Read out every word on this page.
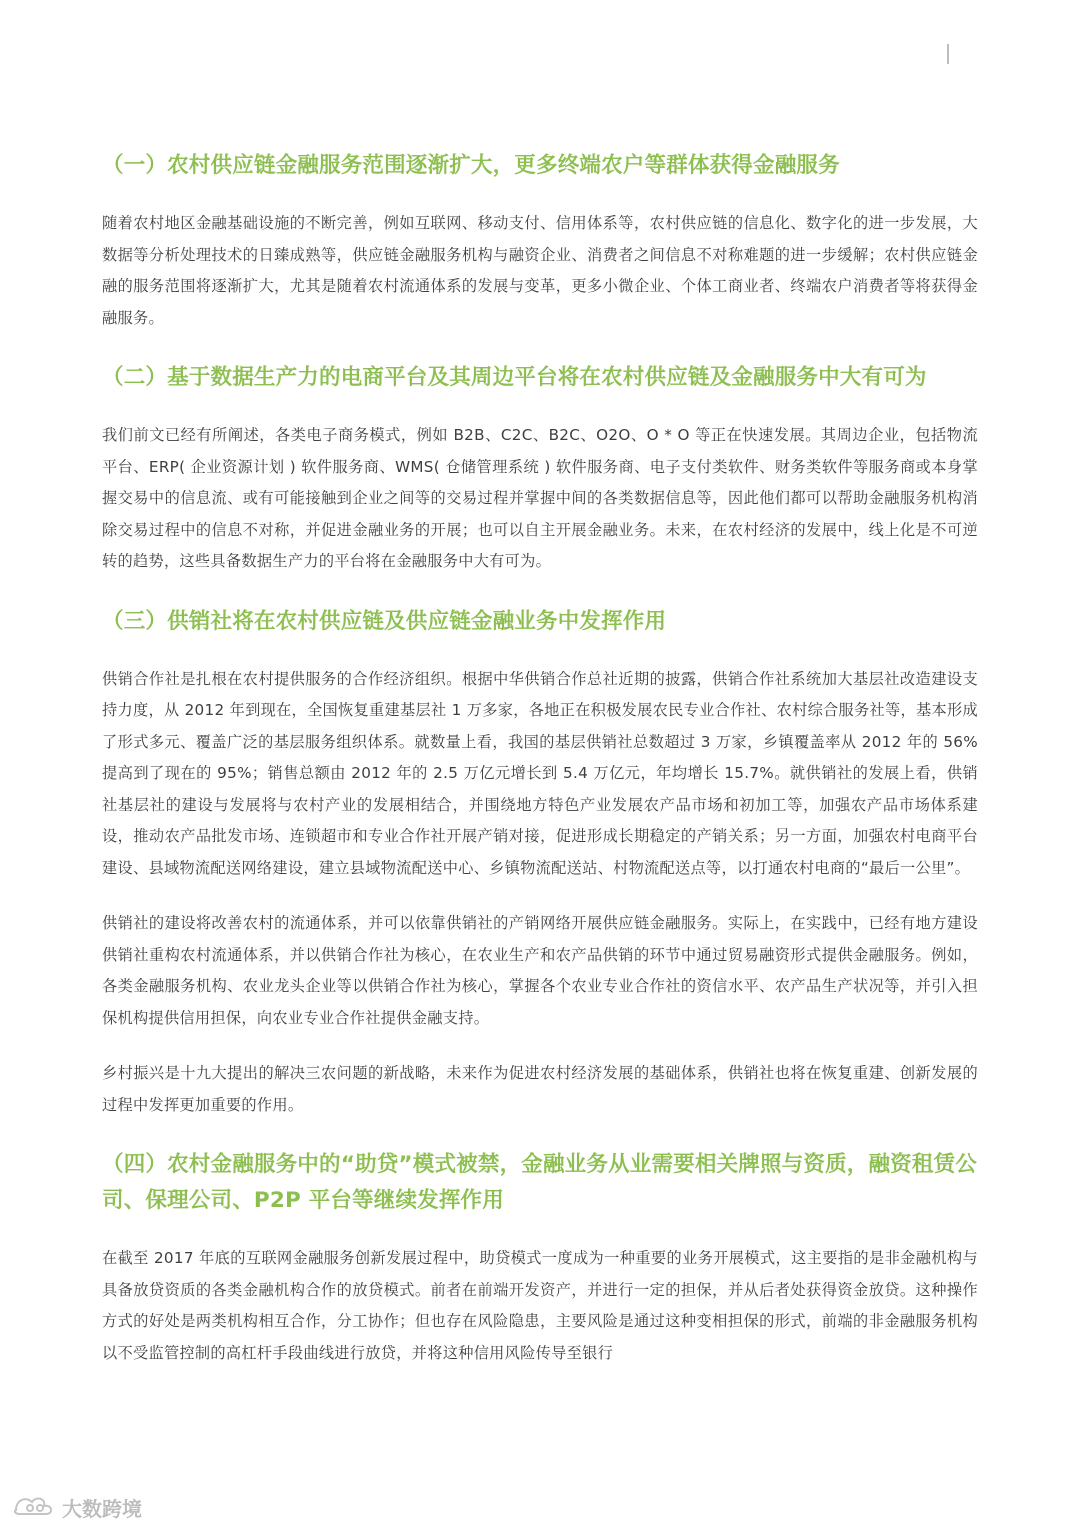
（一）农村供应链金融服务范围逐渐扩大，更多终端农户等群体获得金融服务

随着农村地区金融基础设施的不断完善，例如互联网、移动支付、信用体系等，农村供应链的信息化、数字化的进一步发展，大数据等分析处理技术的日臻成熟等，供应链金融服务机构与融资企业、消费者之间信息不对称难题的进一步缓解；农村供应链金融的服务范围将逐渐扩大，尤其是随着农村流通体系的发展与变革，更多小微企业、个体工商业者、终端农户消费者等将获得金融服务。

（二）基于数据生产力的电商平台及其周边平台将在农村供应链及金融服务中大有可为

我们前文已经有所阐述，各类电子商务模式，例如 B2B、C2C、B2C、O2O、O * O 等正在快速发展。其周边企业，包括物流平台、ERP( 企业资源计划 ) 软件服务商、WMS( 仓储管理系统 ) 软件服务商、电子支付类软件、财务类软件等服务商或本身掌握交易中的信息流、或有可能接触到企业之间等的交易过程并掌握中间的各类数据信息等，因此他们都可以帮助金融服务机构消除交易过程中的信息不对称，并促进金融业务的开展；也可以自主开展金融业务。未来，在农村经济的发展中，线上化是不可逆转的趋势，这些具备数据生产力的平台将在金融服务中大有可为。

（三）供销社将在农村供应链及供应链金融业务中发挥作用

供销合作社是扎根在农村提供服务的合作经济组织。根据中华供销合作总社近期的披露，供销合作社系统加大基层社改造建设支持力度，从 2012 年到现在，全国恢复重建基层社 1 万多家，各地正在积极发展农民专业合作社、农村综合服务社等，基本形成了形式多元、覆盖广泛的基层服务组织体系。就数量上看，我国的基层供销社总数超过 3 万家，乡镇覆盖率从 2012 年的 56% 提高到了现在的 95%；销售总额由 2012 年的 2.5 万亿元增长到 5.4 万亿元，年均增长 15.7%。就供销社的发展上看，供销社基层社的建设与发展将与农村产业的发展相结合，并围绕地方特色产业发展农产品市场和初加工等，加强农产品市场体系建设，推动农产品批发市场、连锁超市和专业合作社开展产销对接，促进形成长期稳定的产销关系；另一方面，加强农村电商平台建设、县域物流配送网络建设，建立县域物流配送中心、乡镇物流配送站、村物流配送点等，以打通农村电商的“最后一公里”。

供销社的建设将改善农村的流通体系，并可以依靠供销社的产销网络开展供应链金融服务。实际上，在实践中，已经有地方建设供销社重构农村流通体系，并以供销合作社为核心，在农业生产和农产品供销的环节中通过贸易融资形式提供金融服务。例如，各类金融服务机构、农业龙头企业等以供销合作社为核心，掌握各个农业专业合作社的资信水平、农产品生产状况等，并引入担保机构提供信用担保，向农业专业合作社提供金融支持。

乡村振兴是十九大提出的解决三农问题的新战略，未来作为促进农村经济发展的基础体系，供销社也将在恢复重建、创新发展的过程中发挥更加重要的作用。

（四）农村金融服务中的“助贷”模式被禁，金融业务从业需要相关牌照与资质，融资租赁公司、保理公司、P2P 平台等继续发挥作用

在截至 2017 年底的互联网金融服务创新发展过程中，助贷模式一度成为一种重要的业务开展模式，这主要指的是非金融机构与具备放贷资质的各类金融机构合作的放贷模式。前者在前端开发资产，并进行一定的担保，并从后者处获得资金放贷。这种操作方式的好处是两类机构相互合作，分工协作；但也存在风险隐患，主要风险是通过这种变相担保的形式，前端的非金融服务机构以不受监管控制的高杠杆手段曲线进行放贷，并将这种信用风险传导至银行

大数跨境
